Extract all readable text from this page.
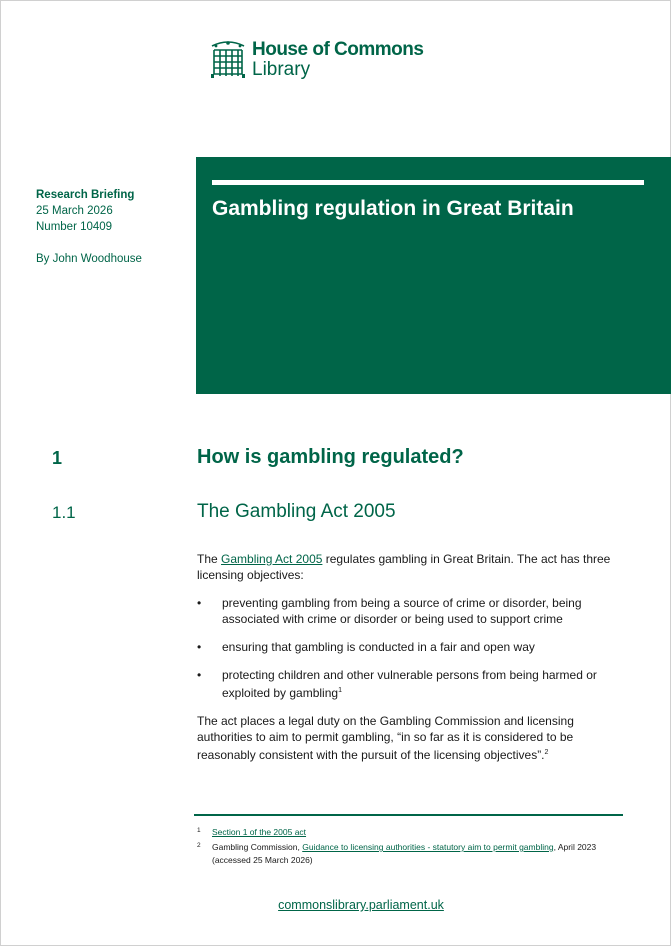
House of Commons
Library
Research Briefing
25 March 2026
Number 10409
By John Woodhouse
Gambling regulation in Great Britain
1	How is gambling regulated?
1.1	The Gambling Act 2005

The Gambling Act 2005 regulates gambling in Great Britain. The act has three licensing objectives:

• preventing gambling from being a source of crime or disorder, being associated with crime or disorder or being used to support crime
• ensuring that gambling is conducted in a fair and open way
• protecting children and other vulnerable persons from being harmed or exploited by gambling$^1$

The act places a legal duty on the Gambling Commission and licensing authorities to aim to permit gambling, “in so far as it is considered to be reasonably consistent with the pursuit of the licensing objectives”.$^2$

1 Section 1 of the 2005 act
2 Gambling Commission, Guidance to licensing authorities - statutory aim to permit gambling, April 2023 (accessed 25 March 2026)
commonslibrary.parliament.uk
